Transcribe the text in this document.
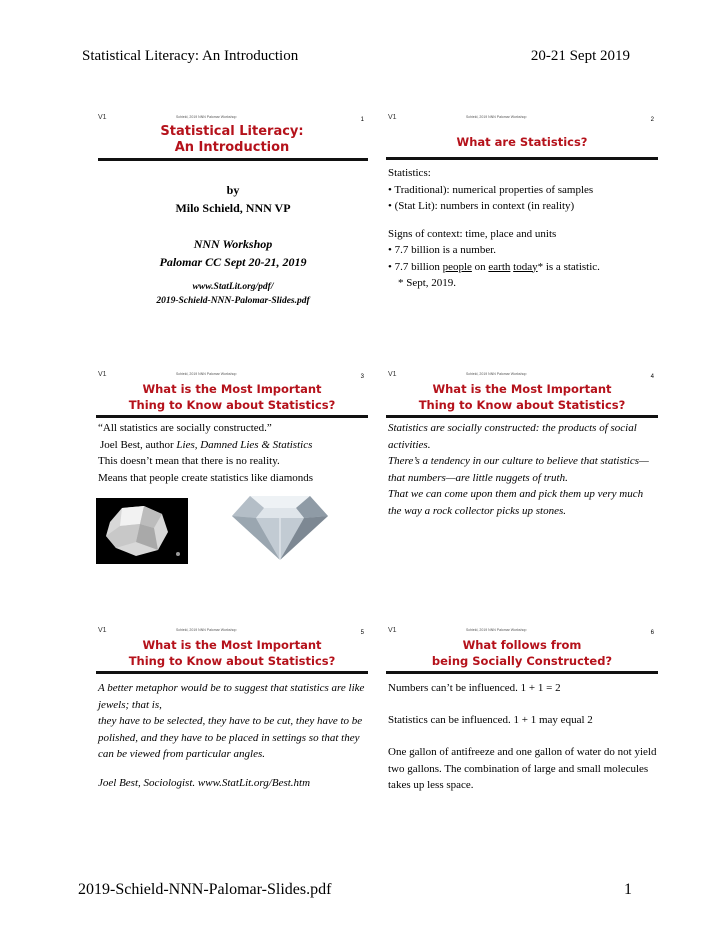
Statistical Literacy: An Introduction	20-21 Sept 2019
V1	Schield, 2019 NNN Palomar Workshop	1
Statistical Literacy:
An Introduction

by

Milo Schield, NNN VP

NNN Workshop

Palomar CC Sept 20-21, 2019

www.StatLit.org/pdf/
2019-Schield-NNN-Palomar-Slides.pdf

V1	Schield, 2019 NNN Palomar Workshop	2
What are Statistics?

Statistics:

• Traditional): numerical properties of samples

• (Stat Lit): numbers in context (in reality)

Signs of context: time, place and units

• 7.7 billion is a number.

• 7.7 billion people on earth today* is a statistic.

* Sept, 2019.

V1	Schield, 2019 NNN Palomar Workshop	3
What is the Most Important
Thing to Know about Statistics?

“All statistics are socially constructed.”

Joel Best, author Lies, Damned Lies & Statistics

This doesn’t mean that there is no reality.

Means that people create statistics like diamonds

V1	Schield, 2019 NNN Palomar Workshop	4
What is the Most Important
Thing to Know about Statistics?

Statistics are socially constructed: the products of social activities.

There’s a tendency in our culture to believe that statistics—that numbers—are little nuggets of truth.

That we can come upon them and pick them up very much the way a rock collector picks up stones.

V1	Schield, 2019 NNN Palomar Workshop	5
What is the Most Important
Thing to Know about Statistics?

A better metaphor would be to suggest that statistics are like jewels; that is,

they have to be selected, they have to be cut, they have to be polished, and they have to be placed in settings so that they can be viewed from particular angles.

Joel Best, Sociologist. www.StatLit.org/Best.htm

V1	Schield, 2019 NNN Palomar Workshop	6
What follows from
being Socially Constructed?

Numbers can’t be influenced. 1 + 1 = 2

Statistics can be influenced. 1 + 1 may equal 2

One gallon of antifreeze and one gallon of water do not yield two gallons. The combination of large and small molecules takes up less space.

2019-Schield-NNN-Palomar-Slides.pdf	1
